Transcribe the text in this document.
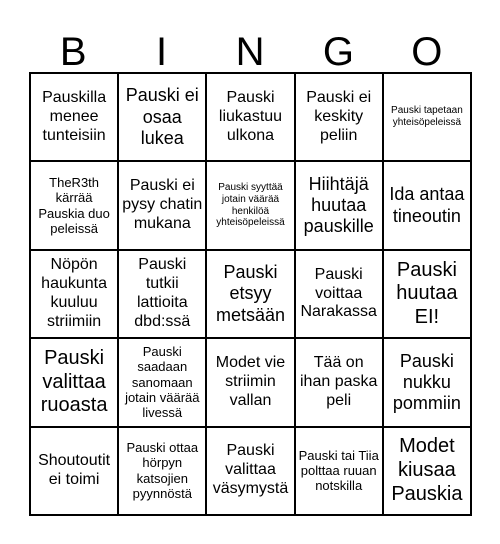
B	I	N	G	O
Pauskilla menee tunteisiin
Pauski ei osaa lukea
Pauski liukastuu ulkona
Pauski ei keskity peliin
Pauski tapetaan yhteisöpeleissä
TheR3th kärrää Pauskia duo peleissä
Pauski ei pysy chatin mukana
Pauski syyttää jotain väärää henkilöä yhteisöpeleissä
Hiihtäjä huutaa pauskille
Ida antaa tineoutin
Nöpön haukunta kuuluu striimiin
Pauski tutkii lattioita dbd:ssä
Pauski etsyy metsään
Pauski voittaa Narakassa
Pauski huutaa EI!
Pauski valittaa ruoasta
Pauski saadaan sanomaan jotain väärää livessä
Modet vie striimin vallan
Tää on ihan paska peli
Pauski nukku pommiin
Shoutoutit ei toimi
Pauski ottaa hörpyn katsojien pyynnöstä
Pauski valittaa väsymystä
Pauski tai Tiia polttaa ruuan notskilla
Modet kiusaa Pauskia
